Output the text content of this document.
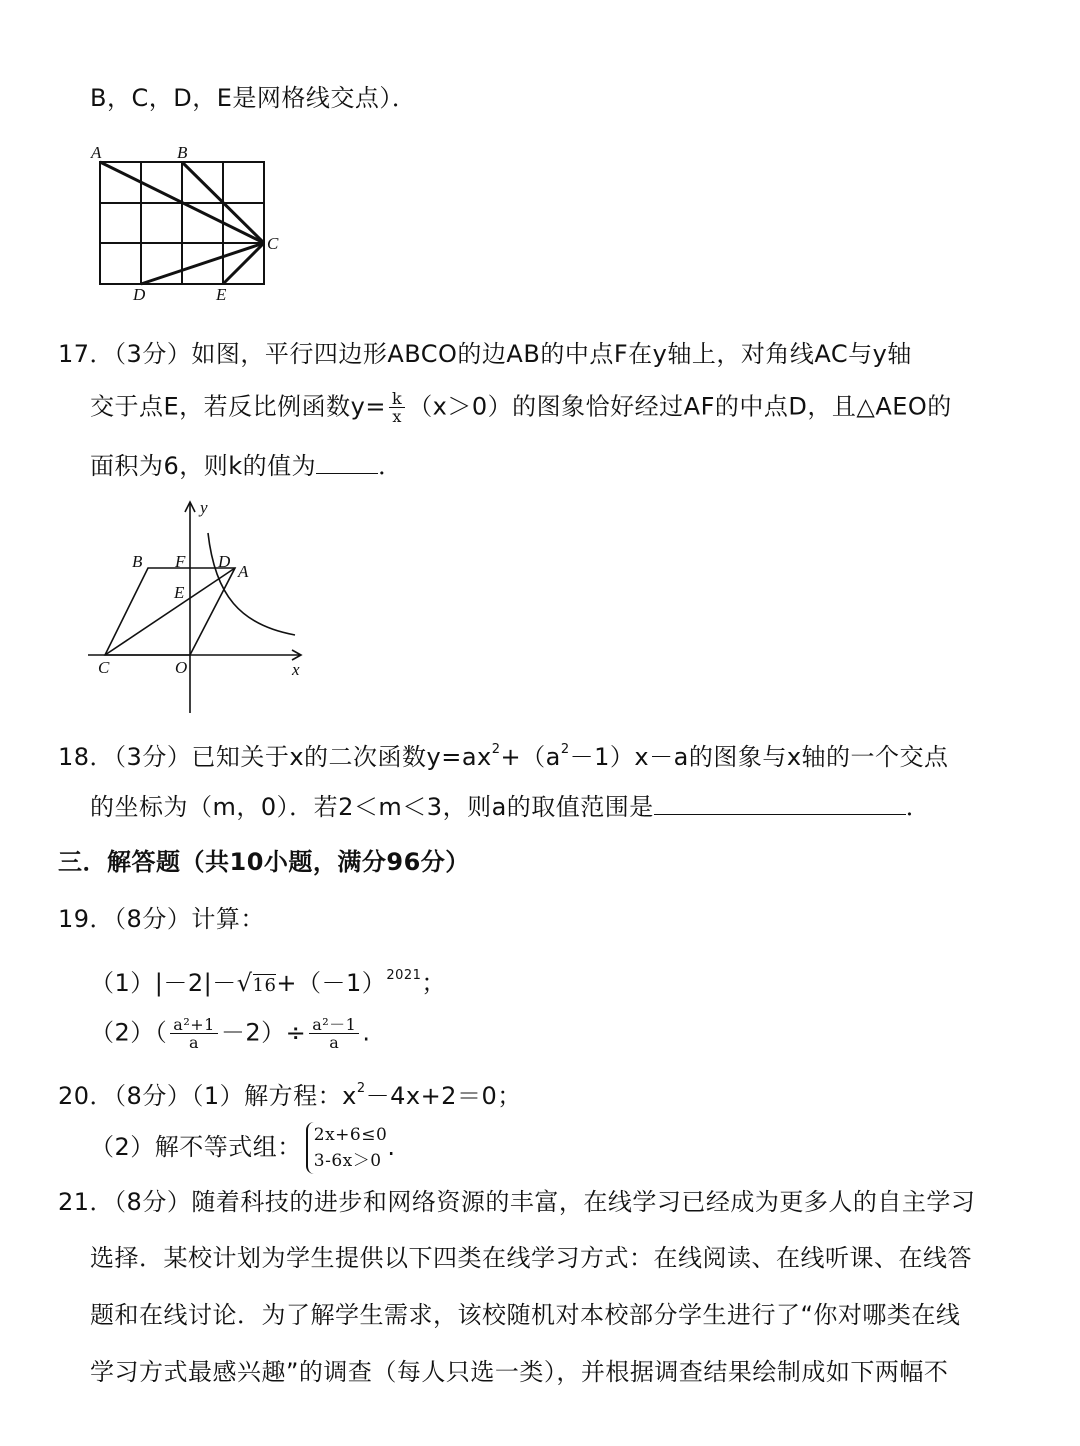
B，C，D，E是网格线交点）．
A	B
C
D	E
17．（3分）如图，平行四边形ABCO的边AB的中点F在y轴上，对角线AC与y轴
交于点E，若反比例函数$y= \frac{k}{x} (x>0)$的图象恰好经过AF的中点D，且△AEO的
面积为6，则k的值为	．
y
B F D
A
E
C	O	x
18．（3分）已知关于x的二次函数$y=ax^2+(a^2-1)x-a$的图象与x轴的一个交点
的坐标为（m，0）．若2＜m＜3，则a的取值范围是	．
三．解答题（共10小题，满分96分）
19．（8分）计算：
$(1)|-2|-√16+(-1)^{2021}$；
$(2)( \frac{\text{a²+1}}{a} -2)\div \frac{\text{a²－1}}{a}$ .
20．（8分）（1）解方程：$x^2-4x+2=0$；
（2）解不等式组： 2x+6≤0
3-6x＞0 .
21．（8分）随着科技的进步和网络资源的丰富，在线学习已经成为更多人的自主学习
选择．某校计划为学生提供以下四类在线学习方式：在线阅读、在线听课、在线答
题和在线讨论．为了解学生需求，该校随机对本校部分学生进行了“你对哪类在线
学习方式最感兴趣”的调查（每人只选一类），并根据调查结果绘制成如下两幅不
